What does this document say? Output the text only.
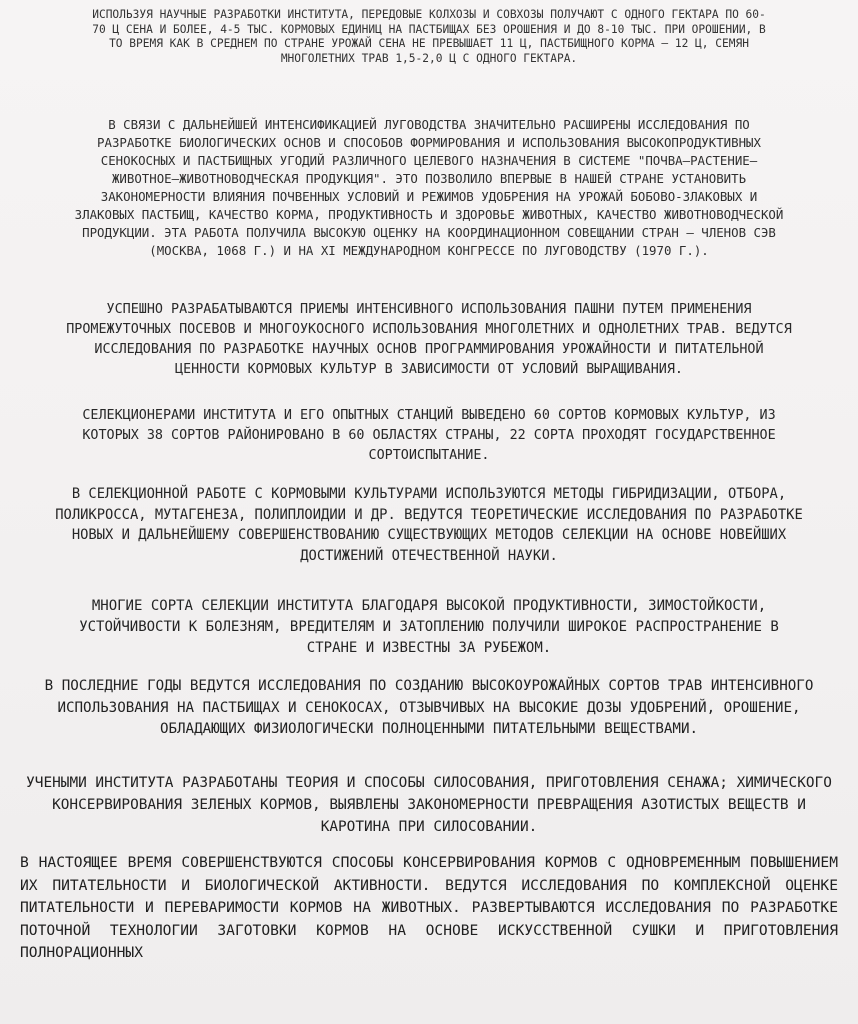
ИСПОЛЬЗУЯ НАУЧНЫЕ РАЗРАБОТКИ ИНСТИТУТА, ПЕРЕДОВЫЕ КОЛХОЗЫ И СОВХОЗЫ ПОЛУЧАЮТ С ОДНОГО ГЕКТАРА ПО 60-70 Ц СЕНА И БОЛЕЕ, 4-5 ТЫС. КОРМОВЫХ ЕДИНИЦ НА ПАСТБИЩАХ БЕЗ ОРОШЕНИЯ И ДО 8-10 ТЫС. ПРИ ОРОШЕНИИ, В ТО ВРЕМЯ КАК В СРЕДНЕМ ПО СТРАНЕ УРОЖАЙ СЕНА НЕ ПРЕВЫШАЕТ 11 Ц, ПАСТБИЩНОГО КОРМА – 12 Ц, СЕМЯН МНОГОЛЕТНИХ ТРАВ 1,5-2,0 Ц С ОДНОГО ГЕКТАРА.

В СВЯЗИ С ДАЛЬНЕЙШЕЙ ИНТЕНСИФИКАЦИЕЙ ЛУГОВОДСТВА ЗНАЧИТЕЛЬНО РАСШИРЕНЫ ИССЛЕДОВАНИЯ ПО РАЗРАБОТКЕ БИОЛОГИЧЕСКИХ ОСНОВ И СПОСОБОВ ФОРМИРОВАНИЯ И ИСПОЛЬЗОВАНИЯ ВЫСОКОПРОДУКТИВНЫХ СЕНОКОСНЫХ И ПАСТБИЩНЫХ УГОДИЙ РАЗЛИЧНОГО ЦЕЛЕВОГО НАЗНАЧЕНИЯ В СИСТЕМЕ "ПОЧВА–РАСТЕНИЕ–ЖИВОТНОЕ–ЖИВОТНОВОДЧЕСКАЯ ПРОДУКЦИЯ". ЭТО ПОЗВОЛИЛО ВПЕРВЫЕ В НАШЕЙ СТРАНЕ УСТАНОВИТЬ ЗАКОНОМЕРНОСТИ ВЛИЯНИЯ ПОЧВЕННЫХ УСЛОВИЙ И РЕЖИМОВ УДОБРЕНИЯ НА УРОЖАЙ БОБОВО-ЗЛАКОВЫХ И ЗЛАКОВЫХ ПАСТБИЩ, КАЧЕСТВО КОРМА, ПРОДУКТИВНОСТЬ И ЗДОРОВЬЕ ЖИВОТНЫХ, КАЧЕСТВО ЖИВОТНОВОДЧЕСКОЙ ПРОДУКЦИИ. ЭТА РАБОТА ПОЛУЧИЛА ВЫСОКУЮ ОЦЕНКУ НА КООРДИНАЦИОННОМ СОВЕЩАНИИ СТРАН – ЧЛЕНОВ СЭВ (МОСКВА, 1068 Г.) И НА XI МЕЖДУНАРОДНОМ КОНГРЕССЕ ПО ЛУГОВОДСТВУ (1970 Г.).

УСПЕШНО РАЗРАБАТЫВАЮТСЯ ПРИЕМЫ ИНТЕНСИВНОГО ИСПОЛЬЗОВАНИЯ ПАШНИ ПУТЕМ ПРИМЕНЕНИЯ ПРОМЕЖУТОЧНЫХ ПОСЕВОВ И МНОГОУКОСНОГО ИСПОЛЬЗОВАНИЯ МНОГОЛЕТНИХ И ОДНОЛЕТНИХ ТРАВ. ВЕДУТСЯ ИССЛЕДОВАНИЯ ПО РАЗРАБОТКЕ НАУЧНЫХ ОСНОВ ПРОГРАММИРОВАНИЯ УРОЖАЙНОСТИ И ПИТАТЕЛЬНОЙ ЦЕННОСТИ КОРМОВЫХ КУЛЬТУР В ЗАВИСИМОСТИ ОТ УСЛОВИЙ ВЫРАЩИВАНИЯ.

СЕЛЕКЦИОНЕРАМИ ИНСТИТУТА И ЕГО ОПЫТНЫХ СТАНЦИЙ ВЫВЕДЕНО 60 СОРТОВ КОРМОВЫХ КУЛЬТУР, ИЗ КОТОРЫХ 38 СОРТОВ РАЙОНИРОВАНО В 60 ОБЛАСТЯХ СТРАНЫ, 22 СОРТА ПРОХОДЯТ ГОСУДАРСТВЕННОЕ СОРТОИСПЫТАНИЕ.

В СЕЛЕКЦИОННОЙ РАБОТЕ С КОРМОВЫМИ КУЛЬТУРАМИ ИСПОЛЬЗУЮТСЯ МЕТОДЫ ГИБРИДИЗАЦИИ, ОТБОРА, ПОЛИКРОССА, МУТАГЕНЕЗА, ПОЛИПЛОИДИИ И ДР. ВЕДУТСЯ ТЕОРЕТИЧЕСКИЕ ИССЛЕДОВАНИЯ ПО РАЗРАБОТКЕ НОВЫХ И ДАЛЬНЕЙШЕМУ СОВЕРШЕНСТВОВАНИЮ СУЩЕСТВУЮЩИХ МЕТОДОВ СЕЛЕКЦИИ НА ОСНОВЕ НОВЕЙШИХ ДОСТИЖЕНИЙ ОТЕЧЕСТВЕННОЙ НАУКИ.

МНОГИЕ СОРТА СЕЛЕКЦИИ ИНСТИТУТА БЛАГОДАРЯ ВЫСОКОЙ ПРОДУКТИВНОСТИ, ЗИМОСТОЙКОСТИ, УСТОЙЧИВОСТИ К БОЛЕЗНЯМ, ВРЕДИТЕЛЯМ И ЗАТОПЛЕНИЮ ПОЛУЧИЛИ ШИРОКОЕ РАСПРОСТРАНЕНИЕ В СТРАНЕ И ИЗВЕСТНЫ ЗА РУБЕЖОМ.

В ПОСЛЕДНИЕ ГОДЫ ВЕДУТСЯ ИССЛЕДОВАНИЯ ПО СОЗДАНИЮ ВЫСОКОУРОЖАЙНЫХ СОРТОВ ТРАВ ИНТЕНСИВНОГО ИСПОЛЬЗОВАНИЯ НА ПАСТБИЩАХ И СЕНОКОСАХ, ОТЗЫВЧИВЫХ НА ВЫСОКИЕ ДОЗЫ УДОБРЕНИЙ, ОРОШЕНИЕ, ОБЛАДАЮЩИХ ФИЗИОЛОГИЧЕСКИ ПОЛНОЦЕННЫМИ ПИТАТЕЛЬНЫМИ ВЕЩЕСТВАМИ.

УЧЕНЫМИ ИНСТИТУТА РАЗРАБОТАНЫ ТЕОРИЯ И СПОСОБЫ СИЛОСОВАНИЯ, ПРИГОТОВЛЕНИЯ СЕНАЖА; ХИМИЧЕСКОГО КОНСЕРВИРОВАНИЯ ЗЕЛЕНЫХ КОРМОВ, ВЫЯВЛЕНЫ ЗАКОНОМЕРНОСТИ ПРЕВРАЩЕНИЯ АЗОТИСТЫХ ВЕЩЕСТВ И КАРОТИНА ПРИ СИЛОСОВАНИИ.

В НАСТОЯЩЕЕ ВРЕМЯ СОВЕРШЕНСТВУЮТСЯ СПОСОБЫ КОНСЕРВИРОВАНИЯ КОРМОВ С ОДНОВРЕМЕННЫМ ПОВЫШЕНИЕМ ИХ ПИТАТЕЛЬНОСТИ И БИОЛОГИЧЕСКОЙ АКТИВНОСТИ. ВЕДУТСЯ ИССЛЕДОВАНИЯ ПО КОМПЛЕКСНОЙ ОЦЕНКЕ ПИТАТЕЛЬНОСТИ И ПЕРЕВАРИМОСТИ КОРМОВ НА ЖИВОТНЫХ. РАЗВЕРТЫВАЮТСЯ ИССЛЕДОВАНИЯ ПО РАЗРАБОТКЕ ПОТОЧНОЙ ТЕХНОЛОГИИ ЗАГОТОВКИ КОРМОВ НА ОСНОВЕ ИСКУССТВЕННОЙ СУШКИ И ПРИГОТОВЛЕНИЯ ПОЛНОРАЦИОННЫХ
